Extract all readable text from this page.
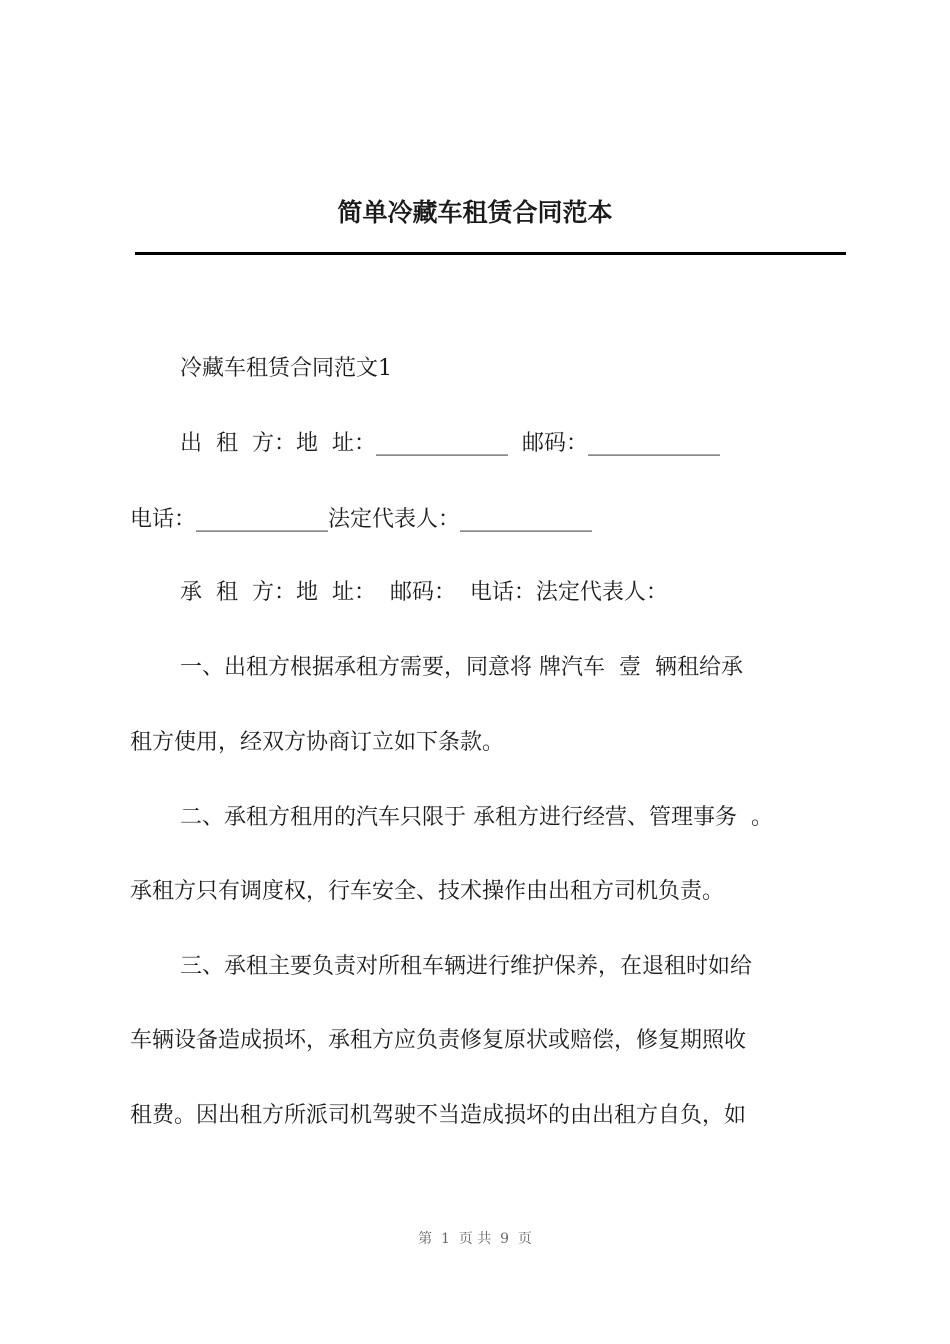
简单冷藏车租赁合同范本
冷藏车租赁合同范文1
出  租  方：地  址：____________  邮码：____________
电话：____________法定代表人：____________
承  租  方：地  址：  邮码：  电话：法定代表人：
一、出租方根据承租方需要，同意将 牌汽车  壹  辆租给承
租方使用，经双方协商订立如下条款。
二、承租方租用的汽车只限于 承租方进行经营、管理事务  。
承租方只有调度权，行车安全、技术操作由出租方司机负责。
三、承租主要负责对所租车辆进行维护保养，在退租时如给
车辆设备造成损坏，承租方应负责修复原状或赔偿，修复期照收
租费。因出租方所派司机驾驶不当造成损坏的由出租方自负，如
第  1  页 共  9  页
